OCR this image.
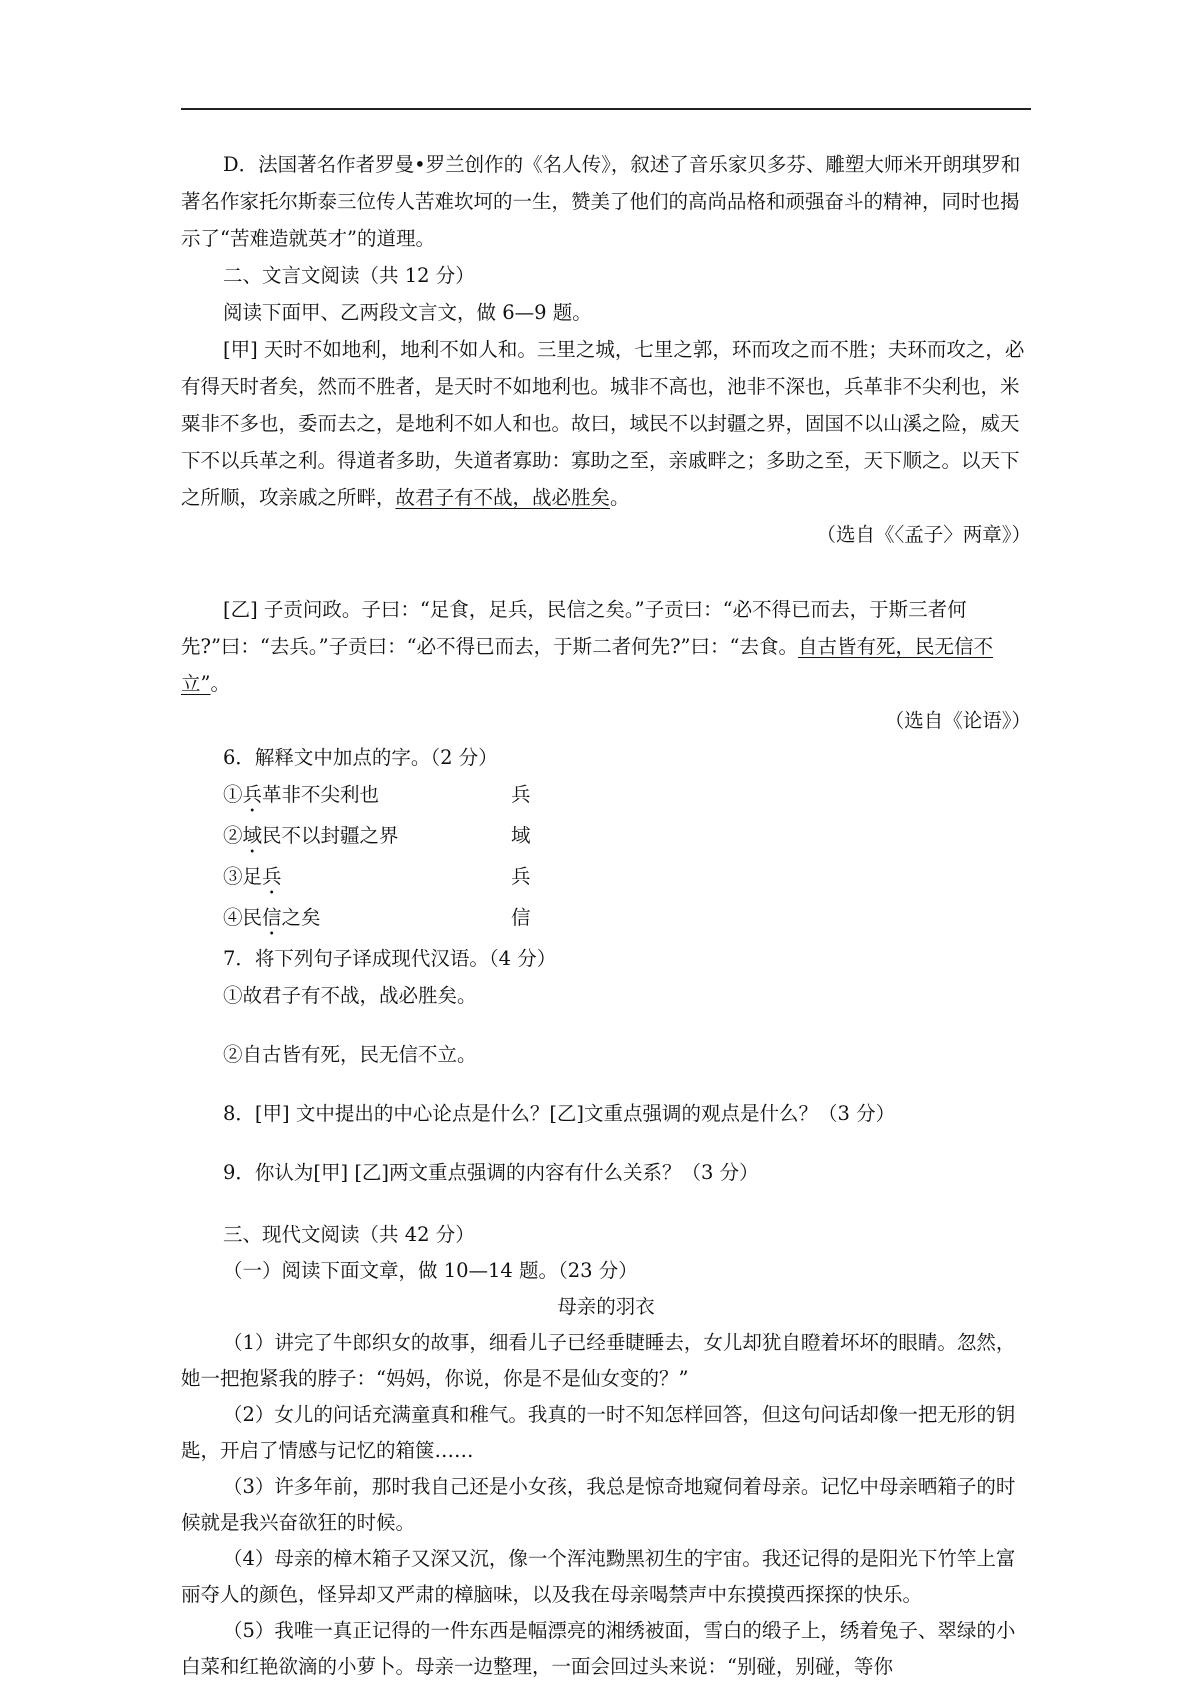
D．法国著名作者罗曼•罗兰创作的《名人传》，叙述了音乐家贝多芬、雕塑大师米开朗琪罗和著名作家托尔斯泰三位传人苦难坎坷的一生，赞美了他们的高尚品格和顽强奋斗的精神，同时也揭示了“苦难造就英才”的道理。

二、文言文阅读（共 12 分）

阅读下面甲、乙两段文言文，做 6—9 题。

[甲] 天时不如地利，地利不如人和。三里之城，七里之郭，环而攻之而不胜；夫环而攻之，必有得天时者矣，然而不胜者，是天时不如地利也。城非不高也，池非不深也，兵革非不尖利也，米粟非不多也，委而去之，是地利不如人和也。故曰，域民不以封疆之界，固国不以山溪之险，威天下不以兵革之利。得道者多助，失道者寡助：寡助之至，亲戚畔之；多助之至，天下顺之。以天下之所顺，攻亲戚之所畔，故君子有不战，战必胜矣。

（选自《〈孟子〉两章》）

[乙] 子贡问政。子曰：“足食，足兵，民信之矣。”子贡曰：“必不得已而去，于斯三者何先?”曰：“去兵。”子贡曰：“必不得已而去，于斯二者何先?”曰：“去食。自古皆有死，民无信不立”。

（选自《论语》）

6．解释文中加点的字。（2 分）

①兵革非不尖利也	兵
②域民不以封疆之界	域
③足兵	兵
④民信之矣	信

7．将下列句子译成现代汉语。（4 分）

①故君子有不战，战必胜矣。

②自古皆有死，民无信不立。

8．[甲] 文中提出的中心论点是什么？[乙]文重点强调的观点是什么？（3 分）

9．你认为[甲] [乙]两文重点强调的内容有什么关系？（3 分）

三、现代文阅读（共 42 分）

（一）阅读下面文章，做 10—14 题。（23 分）

母亲的羽衣

（1）讲完了牛郎织女的故事，细看儿子已经垂睫睡去，女儿却犹自瞪着坏坏的眼睛。忽然，她一把抱紧我的脖子：“妈妈，你说，你是不是仙女变的？”

（2）女儿的问话充满童真和稚气。我真的一时不知怎样回答，但这句问话却像一把无形的钥匙，开启了情感与记忆的箱箧……

（3）许多年前，那时我自己还是小女孩，我总是惊奇地窥伺着母亲。记忆中母亲晒箱子的时候就是我兴奋欲狂的时候。

（4）母亲的樟木箱子又深又沉，像一个浑沌黝黑初生的宇宙。我还记得的是阳光下竹竿上富丽夺人的颜色，怪异却又严肃的樟脑味，以及我在母亲喝禁声中东摸摸西探探的快乐。

（5）我唯一真正记得的一件东西是幅漂亮的湘绣被面，雪白的缎子上，绣着兔子、翠绿的小白菜和红艳欲滴的小萝卜。母亲一边整理，一面会回过头来说：“别碰，别碰，等你
